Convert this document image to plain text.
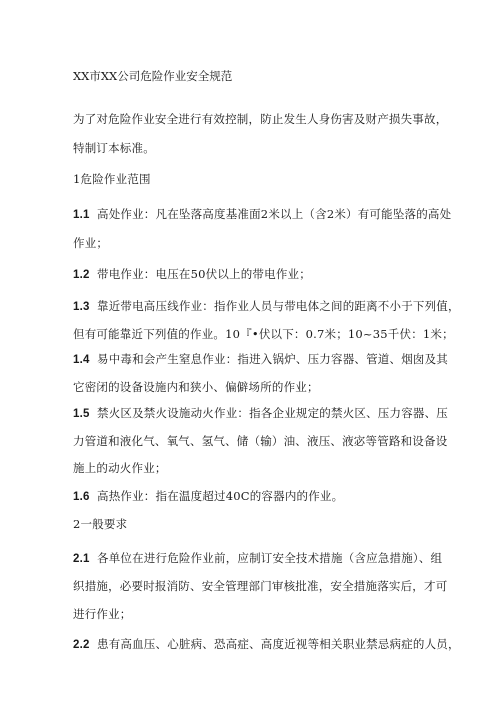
XX市XX公司危险作业安全规范
为了对危险作业安全进行有效控制，防止发生人身伤害及财产损失事故，
特制订本标准。
1危险作业范围
1.1 高处作业：凡在坠落高度基准面2米以上（含2米）有可能坠落的高处
作业；
1.2 带电作业：电压在50伏以上的带电作业；
1.3 靠近带电高压线作业：指作业人员与带电体之间的距离不小于下列值，
但有可能靠近下列值的作业。10『•伏以下：0.7米；10~35千伏：1米；
1.4 易中毒和会产生窒息作业：指进入锅炉、压力容器、管道、烟囱及其
它密闭的设备设施内和狭小、偏僻场所的作业；
1.5 禁火区及禁火设施动火作业：指各企业规定的禁火区、压力容器、压
力管道和液化气、氧气、氢气、储（输）油、液压、液宓等管路和设备设
施上的动火作业；
1.6 高热作业：指在温度超过40C的容器内的作业。
2一般要求
2.1 各单位在进行危险作业前，应制订安全技术措施（含应急措施）、组
织措施，必要时报消防、安全管理部门审核批准，安全措施落实后，才可
进行作业；
2.2 患有高血压、心脏病、恐高症、高度近视等相关职业禁忌病症的人员，
